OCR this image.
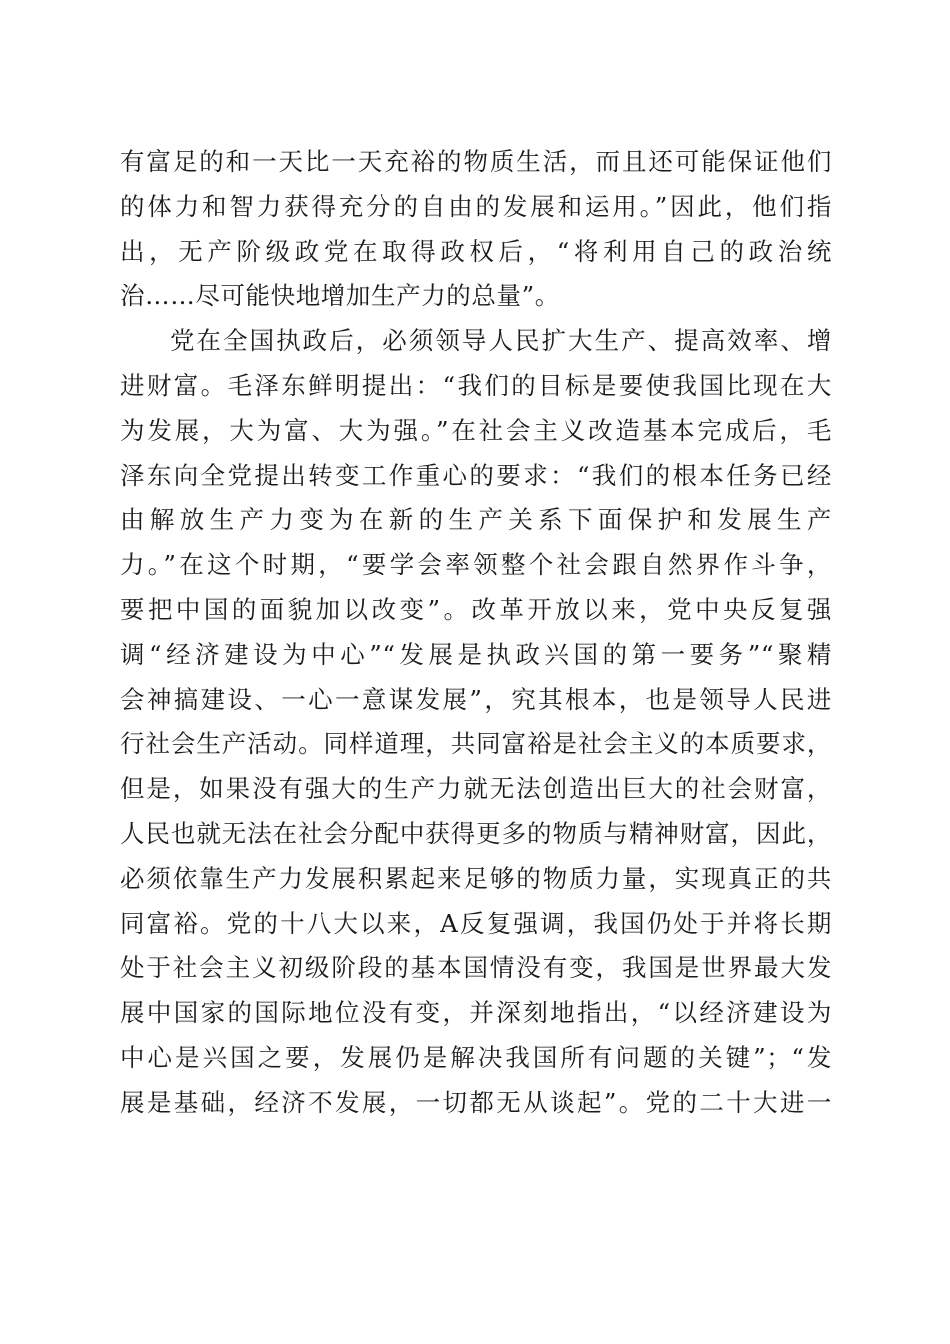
有富足的和一天比一天充裕的物质生活，而且还可能保证他们
的体力和智力获得充分的自由的发展和运用。”因此，他们指
出，无产阶级政党在取得政权后，“将利用自己的政治统
治……尽可能快地增加生产力的总量”。
党在全国执政后，必须领导人民扩大生产、提高效率、增
进财富。毛泽东鲜明提出：“我们的目标是要使我国比现在大
为发展，大为富、大为强。”在社会主义改造基本完成后，毛
泽东向全党提出转变工作重心的要求：“我们的根本任务已经
由解放生产力变为在新的生产关系下面保护和发展生产
力。”在这个时期，“要学会率领整个社会跟自然界作斗争，
要把中国的面貌加以改变”。改革开放以来，党中央反复强
调“经济建设为中心”“发展是执政兴国的第一要务”“聚精
会神搞建设、一心一意谋发展”，究其根本，也是领导人民进
行社会生产活动。同样道理，共同富裕是社会主义的本质要求，
但是，如果没有强大的生产力就无法创造出巨大的社会财富，
人民也就无法在社会分配中获得更多的物质与精神财富，因此，
必须依靠生产力发展积累起来足够的物质力量，实现真正的共
同富裕。党的十八大以来，A反复强调，我国仍处于并将长期
处于社会主义初级阶段的基本国情没有变，我国是世界最大发
展中国家的国际地位没有变，并深刻地指出，“以经济建设为
中心是兴国之要，发展仍是解决我国所有问题的关键”；“发
展是基础，经济不发展，一切都无从谈起”。党的二十大进一
